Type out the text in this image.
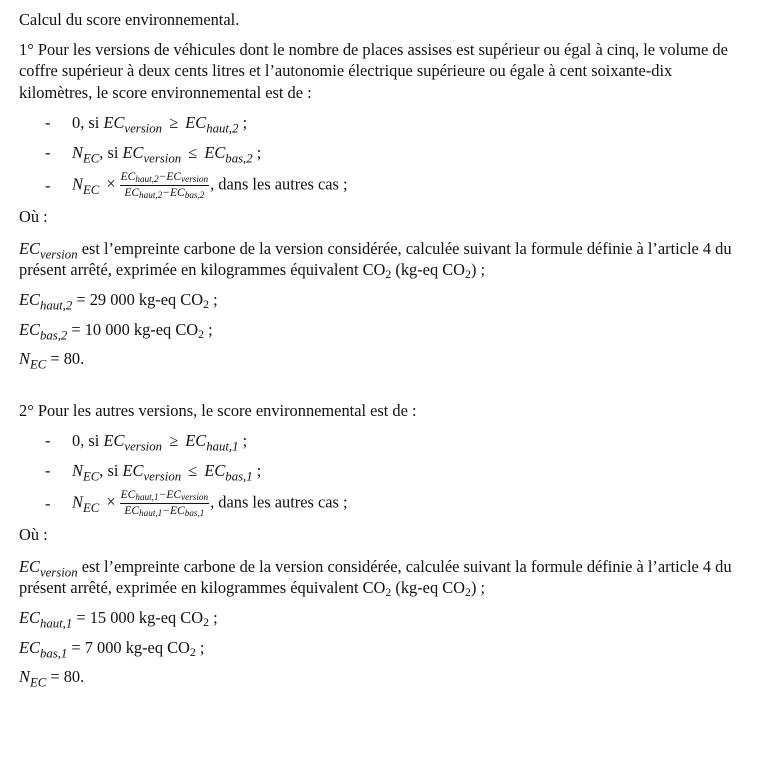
Calcul du score environnemental.

1° Pour les versions de véhicules dont le nombre de places assises est supérieur ou égal à cinq, le volume de coffre supérieur à deux cents litres et l’autonomie électrique supérieure ou égale à cent soixante-dix kilomètres, le score environnemental est de :

-	0, si $EC_{version} \ge EC_{haut,2}$ ;
-	$N_{EC}$, si $EC_{version} \le EC_{bas,2}$ ;
-	$N_{EC} \times \frac{EC_{haut,2}-EC_{version}}{EC_{haut,2}-EC_{bas,2}}$ , dans les autres cas ;

Où :

$EC_{version}$ est l’empreinte carbone de la version considérée, calculée suivant la formule définie à l’article 4 du présent arrêté, exprimée en kilogrammes équivalent $CO_2$ (kg-eq $CO_2$) ;

$EC_{haut,2} = 29$ 000 kg-eq $CO_2$ ;

$EC_{bas,2} = 10$ 000 kg-eq $CO_2$ ;

$N_{EC} = 80$.

2° Pour les autres versions, le score environnemental est de :

-	0, si $EC_{version} \ge EC_{haut,1}$ ;
-	$N_{EC}$, si $EC_{version} \le EC_{bas,1}$ ;
-	$N_{EC} \times \frac{EC_{haut,1}-EC_{version}}{EC_{haut,1}-EC_{bas,1}}$ , dans les autres cas ;

Où :

$EC_{version}$ est l’empreinte carbone de la version considérée, calculée suivant la formule définie à l’article 4 du présent arrêté, exprimée en kilogrammes équivalent $CO_2$ (kg-eq $CO_2$) ;

$EC_{haut,1} = 15$ 000 kg-eq $CO_2$ ;

$EC_{bas,1} = 7$ 000 kg-eq $CO_2$ ;

$N_{EC} = 80$.
